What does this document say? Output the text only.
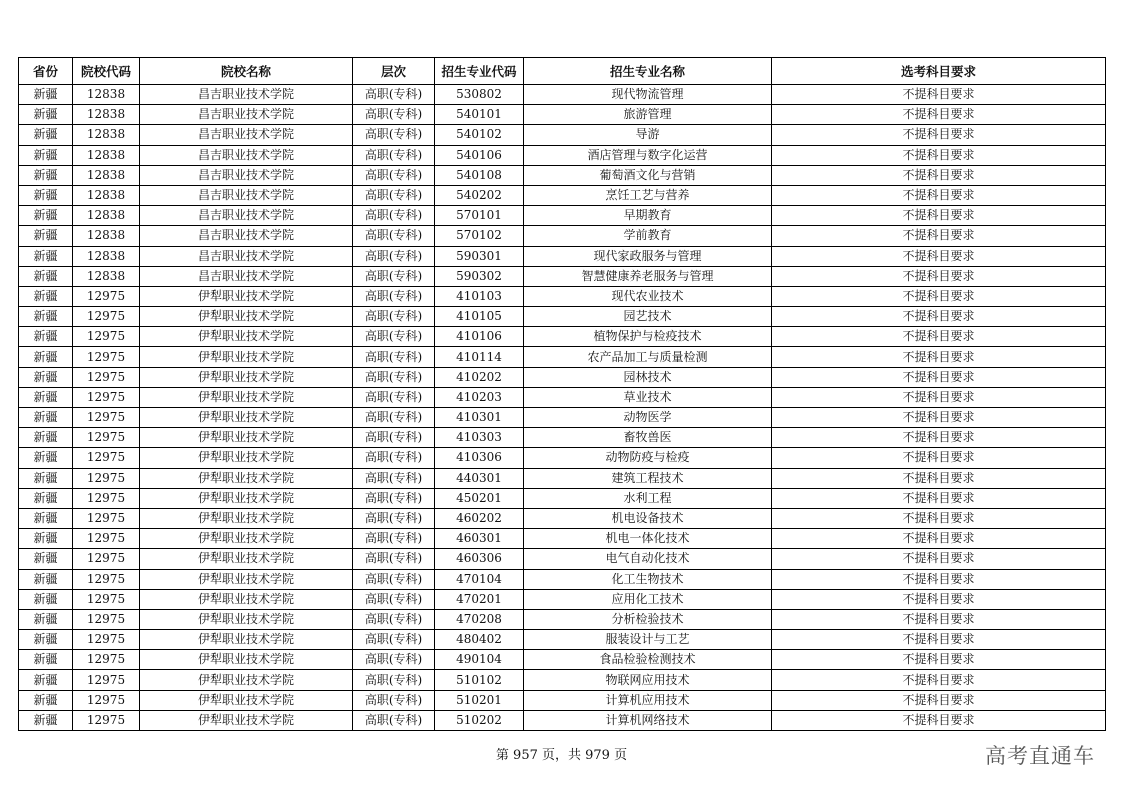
省份	院校代码	院校名称	层次	招生专业代码	招生专业名称	选考科目要求
新疆	12838	昌吉职业技术学院	高职(专科)	530802	现代物流管理	不提科目要求
新疆	12838	昌吉职业技术学院	高职(专科)	540101	旅游管理	不提科目要求
新疆	12838	昌吉职业技术学院	高职(专科)	540102	导游	不提科目要求
新疆	12838	昌吉职业技术学院	高职(专科)	540106	酒店管理与数字化运营	不提科目要求
新疆	12838	昌吉职业技术学院	高职(专科)	540108	葡萄酒文化与营销	不提科目要求
新疆	12838	昌吉职业技术学院	高职(专科)	540202	烹饪工艺与营养	不提科目要求
新疆	12838	昌吉职业技术学院	高职(专科)	570101	早期教育	不提科目要求
新疆	12838	昌吉职业技术学院	高职(专科)	570102	学前教育	不提科目要求
新疆	12838	昌吉职业技术学院	高职(专科)	590301	现代家政服务与管理	不提科目要求
新疆	12838	昌吉职业技术学院	高职(专科)	590302	智慧健康养老服务与管理	不提科目要求
新疆	12975	伊犁职业技术学院	高职(专科)	410103	现代农业技术	不提科目要求
新疆	12975	伊犁职业技术学院	高职(专科)	410105	园艺技术	不提科目要求
新疆	12975	伊犁职业技术学院	高职(专科)	410106	植物保护与检疫技术	不提科目要求
新疆	12975	伊犁职业技术学院	高职(专科)	410114	农产品加工与质量检测	不提科目要求
新疆	12975	伊犁职业技术学院	高职(专科)	410202	园林技术	不提科目要求
新疆	12975	伊犁职业技术学院	高职(专科)	410203	草业技术	不提科目要求
新疆	12975	伊犁职业技术学院	高职(专科)	410301	动物医学	不提科目要求
新疆	12975	伊犁职业技术学院	高职(专科)	410303	畜牧兽医	不提科目要求
新疆	12975	伊犁职业技术学院	高职(专科)	410306	动物防疫与检疫	不提科目要求
新疆	12975	伊犁职业技术学院	高职(专科)	440301	建筑工程技术	不提科目要求
新疆	12975	伊犁职业技术学院	高职(专科)	450201	水利工程	不提科目要求
新疆	12975	伊犁职业技术学院	高职(专科)	460202	机电设备技术	不提科目要求
新疆	12975	伊犁职业技术学院	高职(专科)	460301	机电一体化技术	不提科目要求
新疆	12975	伊犁职业技术学院	高职(专科)	460306	电气自动化技术	不提科目要求
新疆	12975	伊犁职业技术学院	高职(专科)	470104	化工生物技术	不提科目要求
新疆	12975	伊犁职业技术学院	高职(专科)	470201	应用化工技术	不提科目要求
新疆	12975	伊犁职业技术学院	高职(专科)	470208	分析检验技术	不提科目要求
新疆	12975	伊犁职业技术学院	高职(专科)	480402	服装设计与工艺	不提科目要求
新疆	12975	伊犁职业技术学院	高职(专科)	490104	食品检验检测技术	不提科目要求
新疆	12975	伊犁职业技术学院	高职(专科)	510102	物联网应用技术	不提科目要求
新疆	12975	伊犁职业技术学院	高职(专科)	510201	计算机应用技术	不提科目要求
新疆	12975	伊犁职业技术学院	高职(专科)	510202	计算机网络技术	不提科目要求
第 957 页，共 979 页	高考直通车
